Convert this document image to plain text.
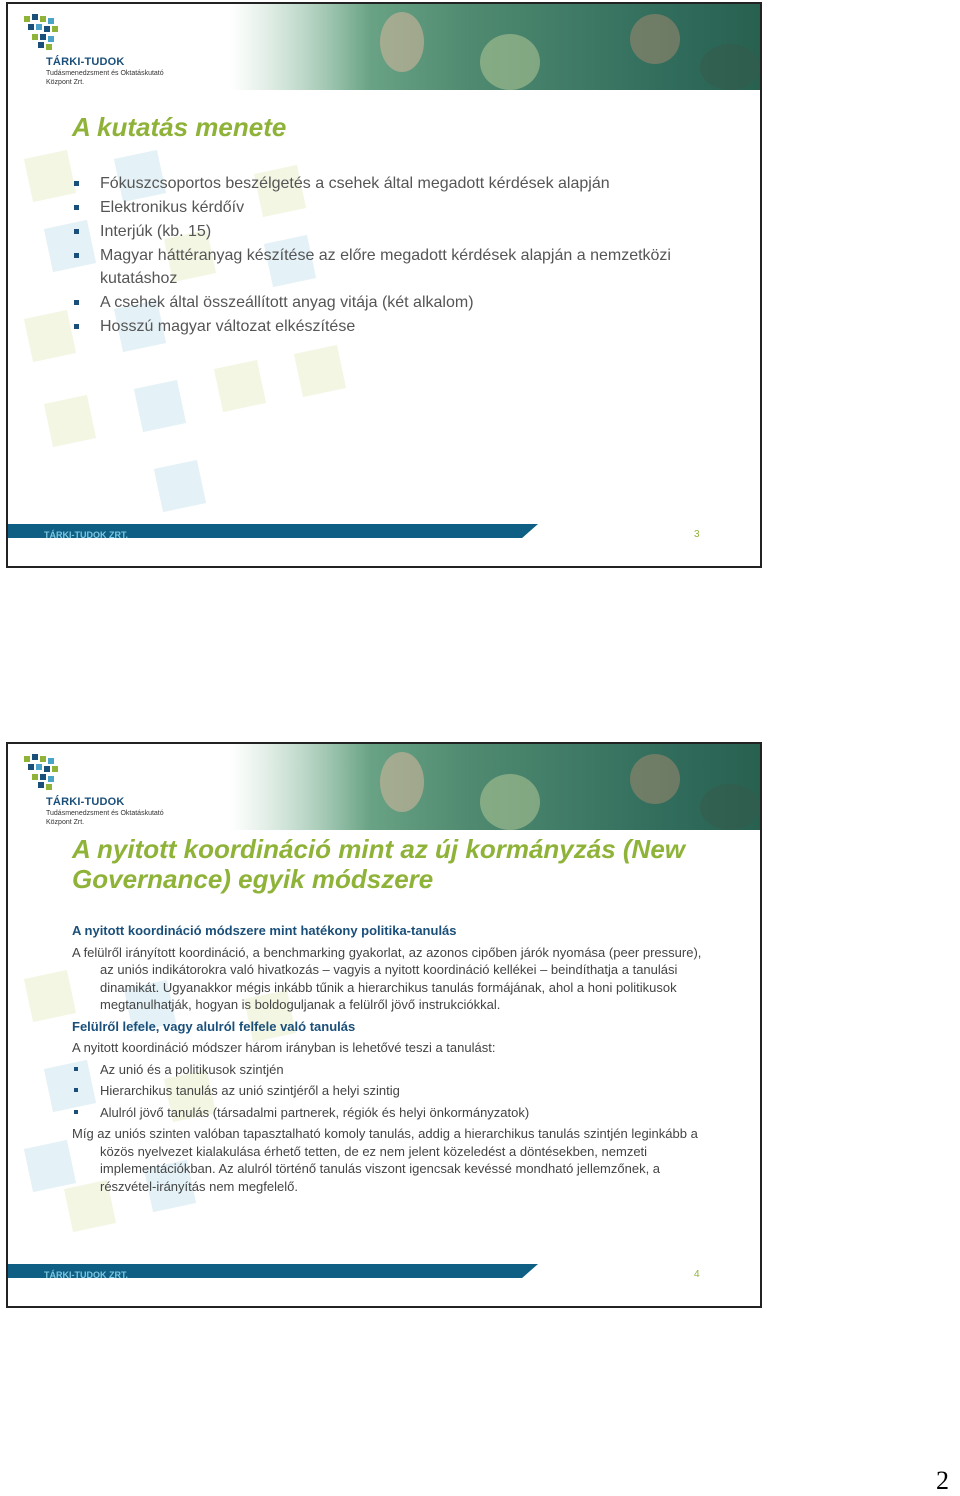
TÁRKI-TUDOK
Tudásmenedzsment és Oktatáskutató
Központ Zrt.
A kutatás menete
Fókuszcsoportos beszélgetés a csehek által megadott kérdések alapján
Elektronikus kérdőív
Interjúk (kb. 15)
Magyar háttéranyag készítése az előre megadott kérdések alapján a nemzetközi kutatáshoz
A csehek által összeállított anyag vitája (két alkalom)
Hosszú magyar változat elkészítése
TÁRKI-TUDOK ZRT.	3
TÁRKI-TUDOK
Tudásmenedzsment és Oktatáskutató
Központ Zrt.
A nyitott koordináció mint az új kormányzás (New Governance) egyik módszere

A nyitott koordináció módszere mint hatékony politika-tanulás

A felülről irányított koordináció, a benchmarking gyakorlat, az azonos cipőben járók nyomása (peer pressure), az uniós indikátorokra való hivatkozás – vagyis a nyitott koordináció kellékei – beindíthatja a tanulási dinamikát. Ugyanakkor mégis inkább tűnik a hierarchikus tanulás formájának, ahol a honi politikusok megtanulhatják, hogyan is boldoguljanak a felülről jövő instrukciókkal.

Felülről lefele, vagy alulról felfele való tanulás

A nyitott koordináció módszer három irányban is lehetővé teszi a tanulást:

Az unió és a politikusok szintjén
Hierarchikus tanulás az unió szintjéről a helyi szintig
Alulról jövő tanulás (társadalmi partnerek, régiók és helyi önkormányzatok)

Míg az uniós szinten valóban tapasztalható komoly tanulás, addig a hierarchikus tanulás szintjén leginkább a közös nyelvezet kialakulása érhető tetten, de ez nem jelent közeledést a döntésekben, nemzeti implementációkban. Az alulról történő tanulás viszont igencsak kevéssé mondható jellemzőnek, a részvétel-irányítás nem megfelelő.

TÁRKI-TUDOK ZRT.	4
2
